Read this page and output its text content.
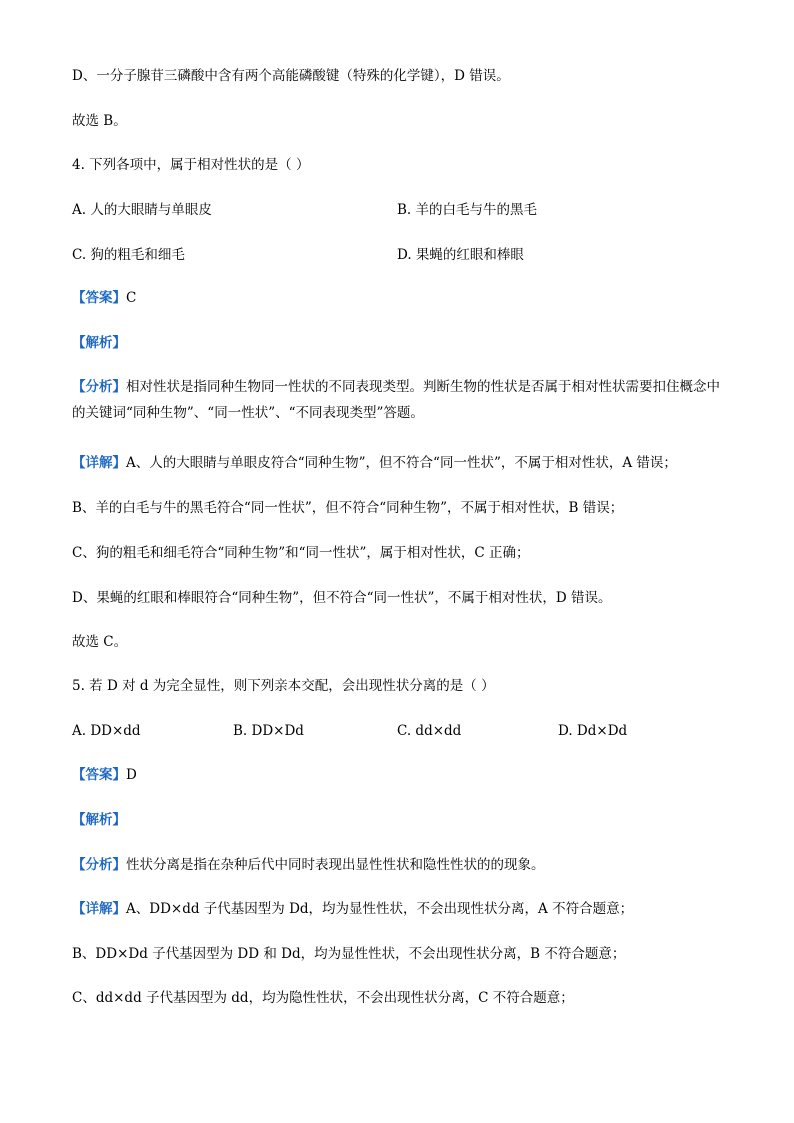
D、一分子腺苷三磷酸中含有两个高能磷酸键（特殊的化学键），D 错误。
故选 B。
4. 下列各项中，属于相对性状的是（ ）
A. 人的大眼睛与单眼皮	B. 羊的白毛与牛的黑毛
C. 狗的粗毛和细毛	D. 果蝇的红眼和棒眼
【答案】C
【解析】
【分析】相对性状是指同种生物同一性状的不同表现类型。判断生物的性状是否属于相对性状需要扣住概念中的关键词“同种生物”、“同一性状”、“不同表现类型”答题。
【详解】A、人的大眼睛与单眼皮符合“同种生物”，但不符合“同一性状”，不属于相对性状，A 错误；
B、羊的白毛与牛的黑毛符合“同一性状”，但不符合“同种生物”，不属于相对性状，B 错误；
C、狗的粗毛和细毛符合“同种生物”和“同一性状”，属于相对性状，C 正确；
D、果蝇的红眼和棒眼符合“同种生物”，但不符合“同一性状”，不属于相对性状，D 错误。
故选 C。
5. 若 D 对 d 为完全显性，则下列亲本交配，会出现性状分离的是（ ）
A. DD×dd	B. DD×Dd	C. dd×dd	D. Dd×Dd
【答案】D
【解析】
【分析】性状分离是指在杂种后代中同时表现出显性性状和隐性性状的的现象。
【详解】A、DD×dd 子代基因型为 Dd，均为显性性状，不会出现性状分离，A 不符合题意；
B、DD×Dd 子代基因型为 DD 和 Dd，均为显性性状，不会出现性状分离，B 不符合题意；
C、dd×dd 子代基因型为 dd，均为隐性性状，不会出现性状分离，C 不符合题意；
